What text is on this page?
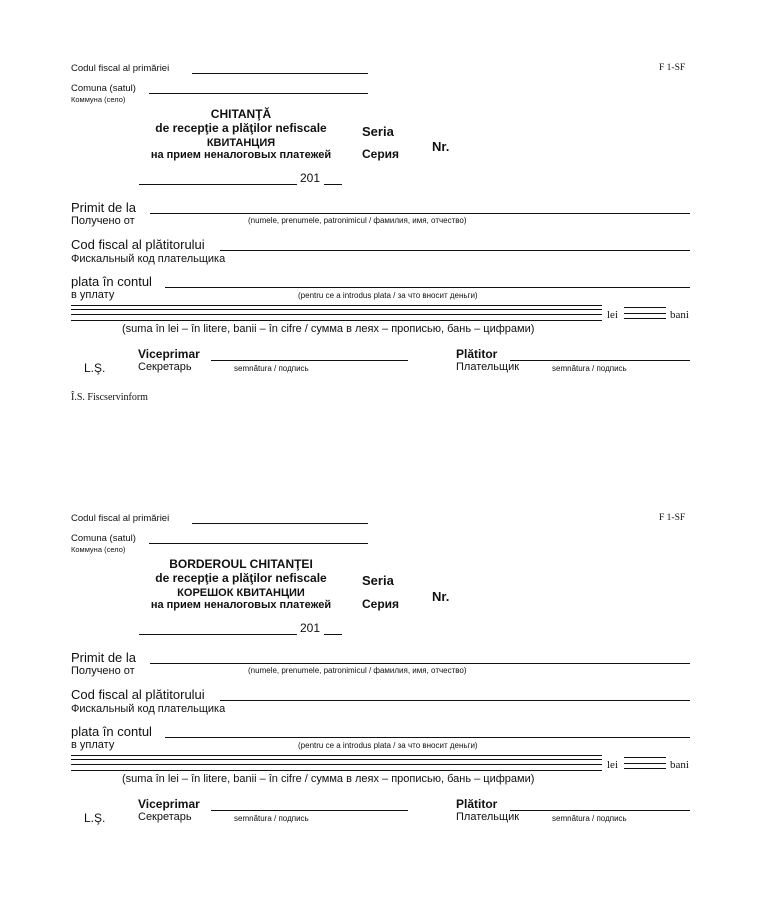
Codul fiscal al primăriei	F 1-SF
Comuna (satul)
Коммуна (село)
CHITANŢĂ
de recepţie a plăţilor nefiscale
КВИТАНЦИЯ
на прием неналоговых платежей
201
Seria
Серия	Nr.
Primit de la
Получено от	(numele, prenumele, patronimicul / фамилия, имя, отчество)
Cod fiscal al plătitorului
Фискальный код плательщика
plata în contul
в уплату	(pentru ce a introdus plata / за что вносит деньги)
lei	bani
(suma în lei – în litere, banii – în cifre / сумма в леях – прописью, бань – цифрами)
Viceprimar
L.Ş.	Секретарь	semnătura / подпись
Plătitor
Плательщик	semnătura / подпись
Î.S. Fiscservinform
Codul fiscal al primăriei	F 1-SF
Comuna (satul)
Коммуна (село)
BORDEROUL CHITANŢEI
de recepţie a plăţilor nefiscale
КОРЕШОК КВИТАНЦИИ
на прием неналоговых платежей
201
Seria
Серия	Nr.
Primit de la
Получено от	(numele, prenumele, patronimicul / фамилия, имя, отчество)
Cod fiscal al plătitorului
Фискальный код плательщика
plata în contul
в уплату	(pentru ce a introdus plata / за что вносит деньги)
lei	bani
(suma în lei – în litere, banii – în cifre / сумма в леях – прописью, бань – цифрами)
Viceprimar
L.Ş.	Секретарь	semnătura / подпись
Plătitor
Плательщик	semnătura / подпись
